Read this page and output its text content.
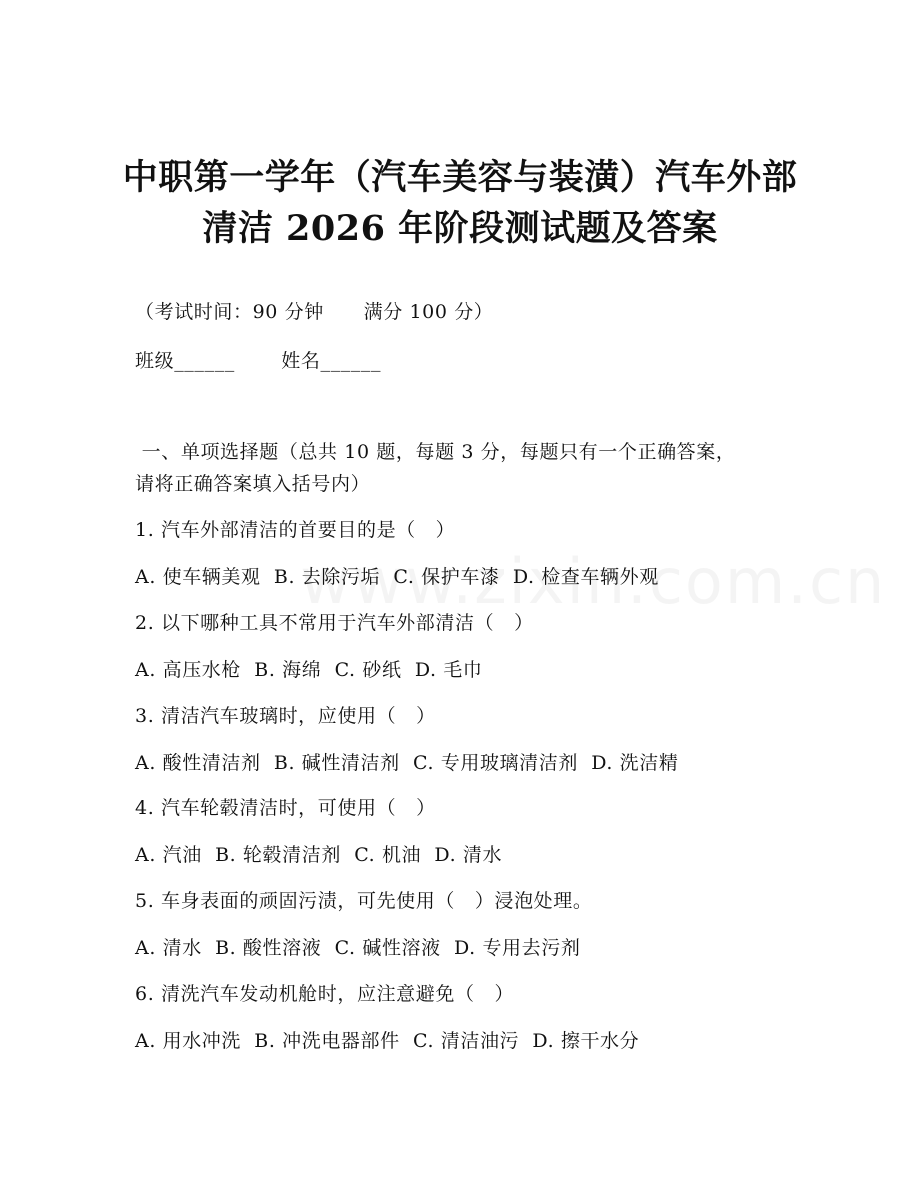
中职第一学年（汽车美容与装潢）汽车外部
清洁 2026 年阶段测试题及答案
（考试时间：90 分钟      满分 100 分）
班级______       姓名______
一、单项选择题（总共 10 题，每题 3 分，每题只有一个正确答案，
请将正确答案填入括号内）
1. 汽车外部清洁的首要目的是（   ）
A. 使车辆美观  B. 去除污垢  C. 保护车漆  D. 检查车辆外观
2. 以下哪种工具不常用于汽车外部清洁（   ）
A. 高压水枪  B. 海绵  C. 砂纸  D. 毛巾
3. 清洁汽车玻璃时，应使用（   ）
A. 酸性清洁剂  B. 碱性清洁剂  C. 专用玻璃清洁剂  D. 洗洁精
4. 汽车轮毂清洁时，可使用（   ）
A. 汽油  B. 轮毂清洁剂  C. 机油  D. 清水
5. 车身表面的顽固污渍，可先使用（   ）浸泡处理。
A. 清水  B. 酸性溶液  C. 碱性溶液  D. 专用去污剂
6. 清洗汽车发动机舱时，应注意避免（   ）
A. 用水冲洗  B. 冲洗电器部件  C. 清洁油污  D. 擦干水分
